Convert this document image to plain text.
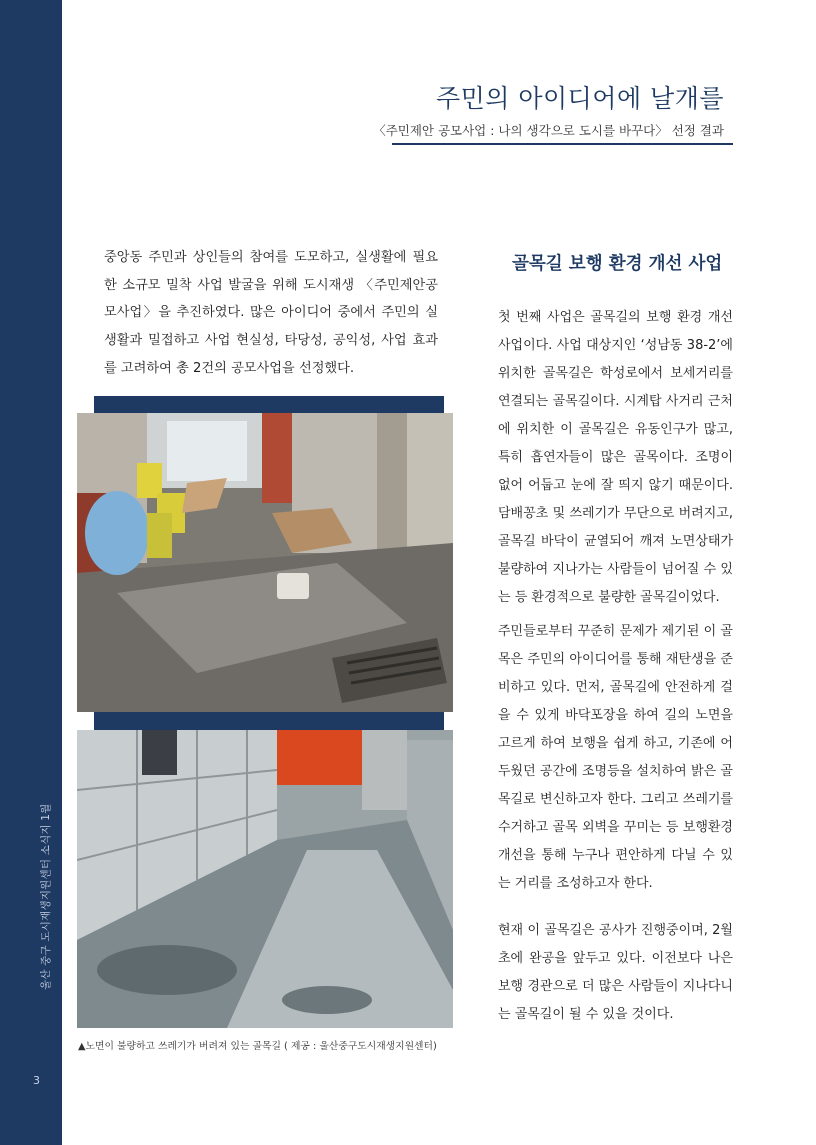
울산 중구 도시재생지원센터 소식지 1월
3
주민의 아이디어에 날개를
〈주민제안 공모사업 : 나의 생각으로 도시를 바꾸다〉 선정 결과

중앙동 주민과 상인들의 참여를 도모하고, 실생활에 필요한 소규모 밀착 사업 발굴을 위해 도시재생 〈주민제안공모사업〉을 추진하였다. 많은 아이디어 중에서 주민의 실생활과 밀접하고 사업 현실성, 타당성, 공익성, 사업 효과를 고려하여 총 2건의 공모사업을 선정했다.

골목길 보행 환경 개선 사업

첫 번째 사업은 골목길의 보행 환경 개선 사업이다. 사업 대상지인 ‘성남동 38-2’에 위치한 골목길은 학성로에서 보세거리를 연결되는 골목길이다. 시계탑 사거리 근처에 위치한 이 골목길은 유동인구가 많고, 특히 흡연자들이 많은 골목이다. 조명이 없어 어둡고 눈에 잘 띄지 않기 때문이다. 담배꽁초 및 쓰레기가 무단으로 버려지고, 골목길 바닥이 균열되어 깨져 노면상태가 불량하여 지나가는 사람들이 넘어질 수 있는 등 환경적으로 불량한 골목길이었다.

주민들로부터 꾸준히 문제가 제기된 이 골목은 주민의 아이디어를 통해 재탄생을 준비하고 있다. 먼저, 골목길에 안전하게 걸을 수 있게 바닥포장을 하여 길의 노면을 고르게 하여 보행을 쉽게 하고, 기존에 어두웠던 공간에 조명등을 설치하여 밝은 골목길로 변신하고자 한다. 그리고 쓰레기를 수거하고 골목 외벽을 꾸미는 등 보행환경개선을 통해 누구나 편안하게 다닐 수 있는 거리를 조성하고자 한다.

현재 이 골목길은 공사가 진행중이며, 2월 초에 완공을 앞두고 있다. 이전보다 나은 보행 경관으로 더 많은 사람들이 지나다니는 골목길이 될 수 있을 것이다.

▲노면이 불량하고 쓰레기가 버려져 있는 골목길 ( 제공 : 울산중구도시재생지원센터)
